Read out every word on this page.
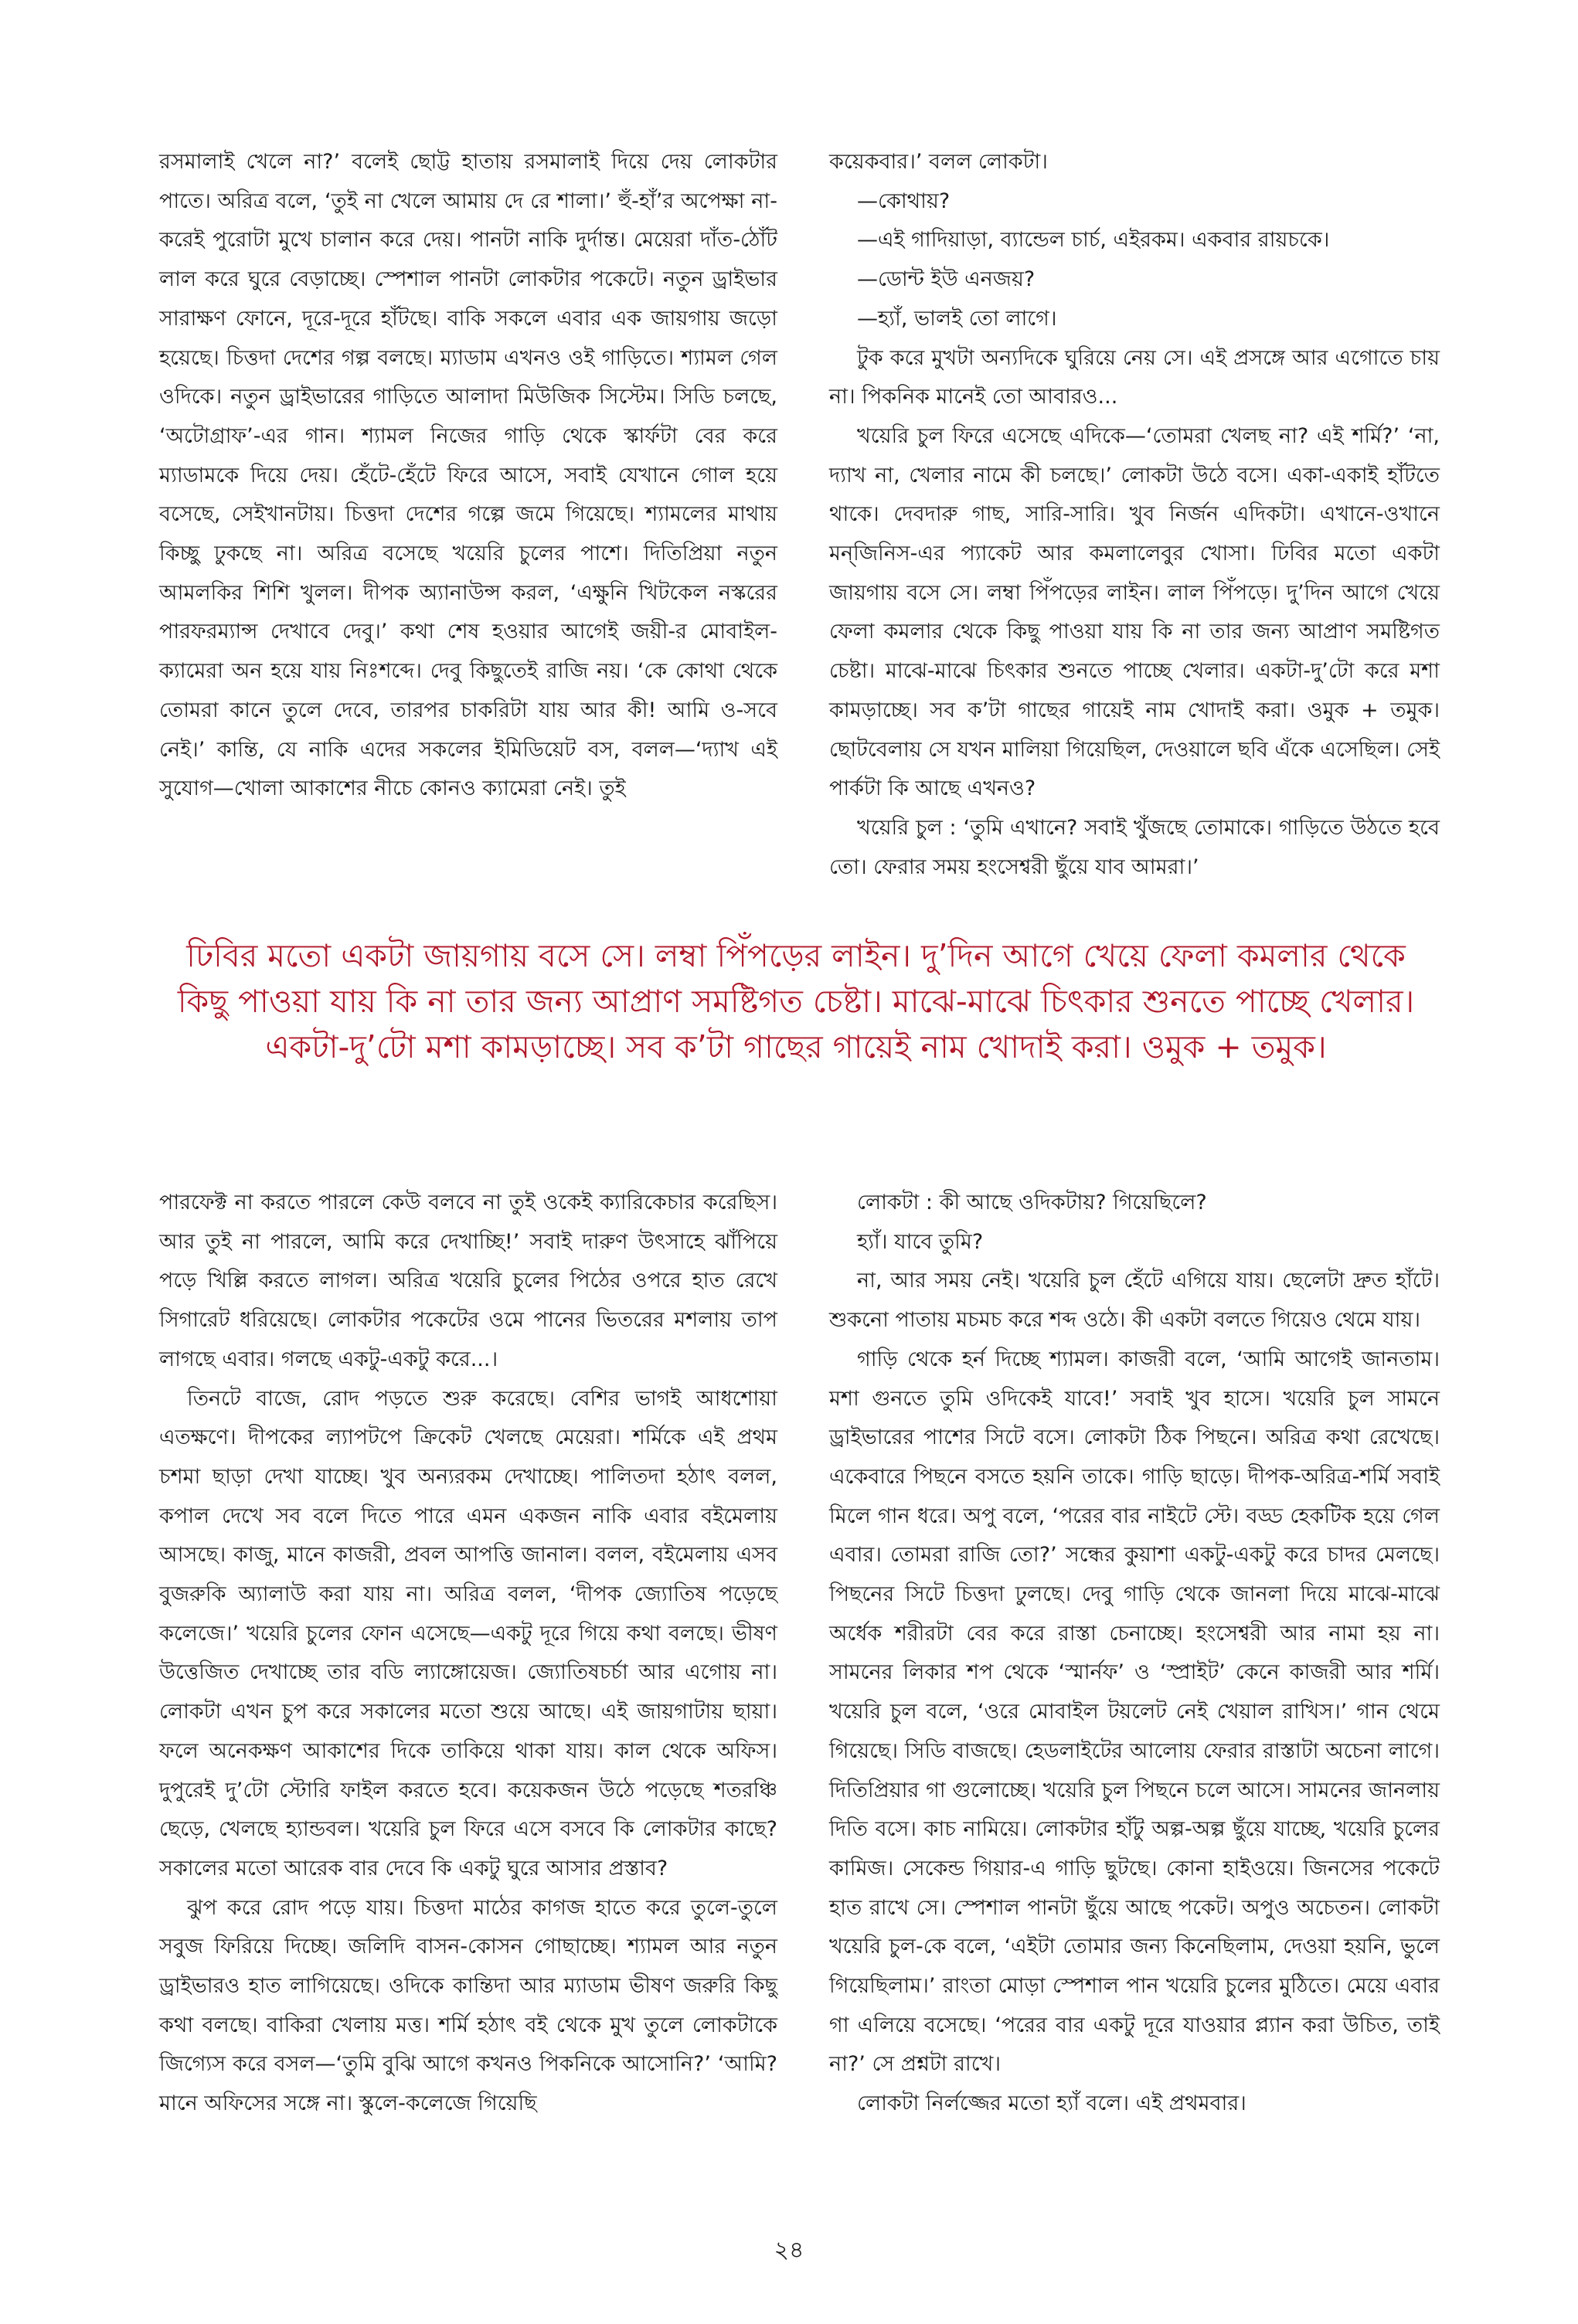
রসমালাই খেলে না?’ বলেই ছোট্ট হাতায় রসমালাই দিয়ে দেয় লোকটার পাতে। অরিত্র বলে, ‘তুই না খেলে আমায় দে রে শালা।’ হুঁ-হাঁ’র অপেক্ষা না-করেই পুরোটা মুখে চালান করে দেয়। পানটা নাকি দুর্দান্ত। মেয়েরা দাঁত-ঠোঁট লাল করে ঘুরে বেড়াচ্ছে। স্পেশাল পানটা লোকটার পকেটে। নতুন ড্রাইভার সারাক্ষণ ফোনে, দূরে-দূরে হাঁটছে। বাকি সকলে এবার এক জায়গায় জড়ো হয়েছে। চিত্তদা দেশের গল্প বলছে। ম্যাডাম এখনও ওই গাড়িতে। শ্যামল গেল ওদিকে। নতুন ড্রাইভারের গাড়িতে আলাদা মিউজিক সিস্টেম। সিডি চলছে, ‘অটোগ্রাফ’-এর গান। শ্যামল নিজের গাড়ি থেকে স্কার্ফটা বের করে ম্যাডামকে দিয়ে দেয়। হেঁটে-হেঁটে ফিরে আসে, সবাই যেখানে গোল হয়ে বসেছে, সেইখানটায়। চিত্তদা দেশের গল্পে জমে গিয়েছে। শ্যামলের মাথায় কিচ্ছু ঢুকছে না। অরিত্র বসেছে খয়েরি চুলের পাশে। দিতিপ্রিয়া নতুন আমলকির শিশি খুলল। দীপক অ্যানাউন্স করল, ‘এক্ষুনি খিটকেল নস্করের পারফরম্যান্স দেখাবে দেবু।’ কথা শেষ হওয়ার আগেই জয়ী-র মোবাইল-ক্যামেরা অন হয়ে যায় নিঃশব্দে। দেবু কিছুতেই রাজি নয়। ‘কে কোথা থেকে তোমরা কানে তুলে দেবে, তারপর চাকরিটা যায় আর কী! আমি ও-সবে নেই।’ কান্তি, যে নাকি এদের সকলের ইমিডিয়েট বস, বলল—‘দ্যাখ এই সুযোগ—খোলা আকাশের নীচে কোনও ক্যামেরা নেই। তুই

কয়েকবার।’ বলল লোকটা।

—কোথায়?

—এই গাদিয়াড়া, ব্যান্ডেল চার্চ, এইরকম। একবার রায়চকে।

—ডোন্ট ইউ এনজয়?

—হ্যাঁ, ভালই তো লাগে।

টুক করে মুখটা অন্যদিকে ঘুরিয়ে নেয় সে। এই প্রসঙ্গে আর এগোতে চায় না। পিকনিক মানেই তো আবারও...

খয়েরি চুল ফিরে এসেছে এদিকে—‘তোমরা খেলছ না? এই শর্মি?’ ‘না, দ্যাখ না, খেলার নামে কী চলছে।’ লোকটা উঠে বসে। একা-একাই হাঁটতে থাকে। দেবদারু গাছ, সারি-সারি। খুব নির্জন এদিকটা। এখানে-ওখানে মন্‌জিনিস-এর প্যাকেট আর কমলালেবুর খোসা। ঢিবির মতো একটা জায়গায় বসে সে। লম্বা পিঁপড়ের লাইন। লাল পিঁপড়ে। দু’দিন আগে খেয়ে ফেলা কমলার থেকে কিছু পাওয়া যায় কি না তার জন্য আপ্রাণ সমষ্টিগত চেষ্টা। মাঝে-মাঝে চিৎকার শুনতে পাচ্ছে খেলার। একটা-দু’টো করে মশা কামড়াচ্ছে। সব ক’টা গাছের গায়েই নাম খোদাই করা। ওমুক + তমুক। ছোটবেলায় সে যখন মালিয়া গিয়েছিল, দেওয়ালে ছবি এঁকে এসেছিল। সেই পার্কটা কি আছে এখনও?

খয়েরি চুল : ‘তুমি এখানে? সবাই খুঁজছে তোমাকে। গাড়িতে উঠতে হবে তো। ফেরার সময় হংসেশ্বরী ছুঁয়ে যাব আমরা।’

ঢিবির মতো একটা জায়গায় বসে সে। লম্বা পিঁপড়ের লাইন। দু’দিন আগে খেয়ে ফেলা কমলার থেকে
কিছু পাওয়া যায় কি না তার জন্য আপ্রাণ সমষ্টিগত চেষ্টা। মাঝে-মাঝে চিৎকার শুনতে পাচ্ছে খেলার।
একটা-দু’টো মশা কামড়াচ্ছে। সব ক’টা গাছের গায়েই নাম খোদাই করা। ওমুক + তমুক।

পারফেক্ট না করতে পারলে কেউ বলবে না তুই ওকেই ক্যারিকেচার করেছিস। আর তুই না পারলে, আমি করে দেখাচ্ছি!’ সবাই দারুণ উৎসাহে ঝাঁপিয়ে পড়ে খিল্লি করতে লাগল। অরিত্র খয়েরি চুলের পিঠের ওপরে হাত রেখে সিগারেট ধরিয়েছে। লোকটার পকেটের ওমে পানের ভিতরের মশলায় তাপ লাগছে এবার। গলছে একটু-একটু করে...।

তিনটে বাজে, রোদ পড়তে শুরু করেছে। বেশির ভাগই আধশোয়া এতক্ষণে। দীপকের ল্যাপটপে ক্রিকেট খেলছে মেয়েরা। শর্মিকে এই প্রথম চশমা ছাড়া দেখা যাচ্ছে। খুব অন্যরকম দেখাচ্ছে। পালিতদা হঠাৎ বলল, কপাল দেখে সব বলে দিতে পারে এমন একজন নাকি এবার বইমেলায় আসছে। কাজু, মানে কাজরী, প্রবল আপত্তি জানাল। বলল, বইমেলায় এসব বুজরুকি অ্যালাউ করা যায় না। অরিত্র বলল, ‘দীপক জ্যোতিষ পড়েছে কলেজে।’ খয়েরি চুলের ফোন এসেছে—একটু দূরে গিয়ে কথা বলছে। ভীষণ উত্তেজিত দেখাচ্ছে তার বডি ল্যাঙ্গোয়েজ। জ্যোতিষচর্চা আর এগোয় না। লোকটা এখন চুপ করে সকালের মতো শুয়ে আছে। এই জায়গাটায় ছায়া। ফলে অনেকক্ষণ আকাশের দিকে তাকিয়ে থাকা যায়। কাল থেকে অফিস। দুপুরেই দু’টো স্টোরি ফাইল করতে হবে। কয়েকজন উঠে পড়েছে শতরঞ্চি ছেড়ে, খেলছে হ্যান্ডবল। খয়েরি চুল ফিরে এসে বসবে কি লোকটার কাছে? সকালের মতো আরেক বার দেবে কি একটু ঘুরে আসার প্রস্তাব?

ঝুপ করে রোদ পড়ে যায়। চিত্তদা মাঠের কাগজ হাতে করে তুলে-তুলে সবুজ ফিরিয়ে দিচ্ছে। জলিদি বাসন-কোসন গোছাচ্ছে। শ্যামল আর নতুন ড্রাইভারও হাত লাগিয়েছে। ওদিকে কান্তিদা আর ম্যাডাম ভীষণ জরুরি কিছু কথা বলছে। বাকিরা খেলায় মত্ত। শর্মি হঠাৎ বই থেকে মুখ তুলে লোকটাকে জিগ্যেস করে বসল—‘তুমি বুঝি আগে কখনও পিকনিকে আসোনি?’ ‘আমি? মানে অফিসের সঙ্গে না। স্কুলে-কলেজে গিয়েছি

লোকটা : কী আছে ওদিকটায়? গিয়েছিলে?

হ্যাঁ। যাবে তুমি?

না, আর সময় নেই। খয়েরি চুল হেঁটে এগিয়ে যায়। ছেলেটা দ্রুত হাঁটে। শুকনো পাতায় মচমচ করে শব্দ ওঠে। কী একটা বলতে গিয়েও থেমে যায়।

গাড়ি থেকে হর্ন দিচ্ছে শ্যামল। কাজরী বলে, ‘আমি আগেই জানতাম। মশা গুনতে তুমি ওদিকেই যাবে!’ সবাই খুব হাসে। খয়েরি চুল সামনে ড্রাইভারের পাশের সিটে বসে। লোকটা ঠিক পিছনে। অরিত্র কথা রেখেছে। একেবারে পিছনে বসতে হয়নি তাকে। গাড়ি ছাড়ে। দীপক-অরিত্র-শর্মি সবাই মিলে গান ধরে। অপু বলে, ‘পরের বার নাইটে স্টে। বড্ড হেকটিক হয়ে গেল এবার। তোমরা রাজি তো?’ সন্ধের কুয়াশা একটু-একটু করে চাদর মেলছে। পিছনের সিটে চিত্তদা ঢুলছে। দেবু গাড়ি থেকে জানলা দিয়ে মাঝে-মাঝে অর্ধেক শরীরটা বের করে রাস্তা চেনাচ্ছে। হংসেশ্বরী আর নামা হয় না। সামনের লিকার শপ থেকে ‘স্মার্নফ’ ও ‘স্প্রাইট’ কেনে কাজরী আর শর্মি। খয়েরি চুল বলে, ‘ওরে মোবাইল টয়লেট নেই খেয়াল রাখিস।’ গান থেমে গিয়েছে। সিডি বাজছে। হেডলাইটের আলোয় ফেরার রাস্তাটা অচেনা লাগে। দিতিপ্রিয়ার গা গুলোচ্ছে। খয়েরি চুল পিছনে চলে আসে। সামনের জানলায় দিতি বসে। কাচ নামিয়ে। লোকটার হাঁটু অল্প-অল্প ছুঁয়ে যাচ্ছে, খয়েরি চুলের কামিজ। সেকেন্ড গিয়ার-এ গাড়ি ছুটছে। কোনা হাইওয়ে। জিনসের পকেটে হাত রাখে সে। স্পেশাল পানটা ছুঁয়ে আছে পকেট। অপুও অচেতন। লোকটা খয়েরি চুল-কে বলে, ‘এইটা তোমার জন্য কিনেছিলাম, দেওয়া হয়নি, ভুলে গিয়েছিলাম।’ রাংতা মোড়া স্পেশাল পান খয়েরি চুলের মুঠিতে। মেয়ে এবার গা এলিয়ে বসেছে। ‘পরের বার একটু দূরে যাওয়ার প্ল্যান করা উচিত, তাই না?’ সে প্রশ্নটা রাখে।

লোকটা নির্লজ্জের মতো হ্যাঁ বলে। এই প্রথমবার।

২৪
